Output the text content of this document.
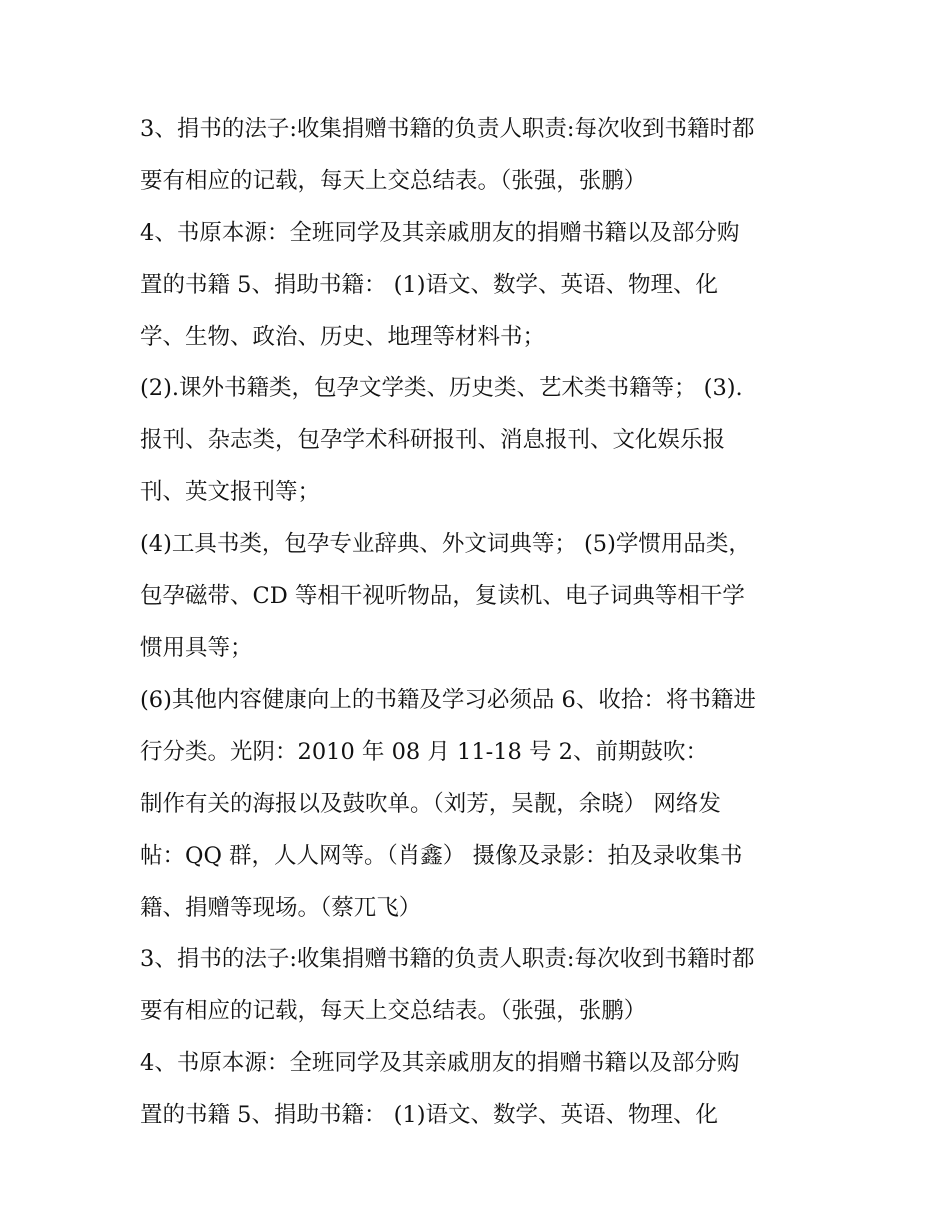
3、捐书的法子:收集捐赠书籍的负责人职责:每次收到书籍时都
要有相应的记载，每天上交总结表。（张强，张鹏）
4、书原本源：全班同学及其亲戚朋友的捐赠书籍以及部分购
置的书籍 5、捐助书籍： (1)语文、数学、英语、物理、化
学、生物、政治、历史、地理等材料书；
(2).课外书籍类，包孕文学类、历史类、艺术类书籍等； (3).
报刊、杂志类，包孕学术科研报刊、消息报刊、文化娱乐报
刊、英文报刊等；
(4)工具书类，包孕专业辞典、外文词典等； (5)学惯用品类，
包孕磁带、CD 等相干视听物品，复读机、电子词典等相干学
惯用具等；
(6)其他内容健康向上的书籍及学习必须品 6、收拾：将书籍进
行分类。光阴：2010 年 08 月 11-18 号 2、前期鼓吹：
制作有关的海报以及鼓吹单。（刘芳，吴靓，余晓） 网络发
帖：QQ 群，人人网等。（肖鑫） 摄像及录影：拍及录收集书
籍、捐赠等现场。（蔡兀飞）
3、捐书的法子:收集捐赠书籍的负责人职责:每次收到书籍时都
要有相应的记载，每天上交总结表。（张强，张鹏）
4、书原本源：全班同学及其亲戚朋友的捐赠书籍以及部分购
置的书籍 5、捐助书籍： (1)语文、数学、英语、物理、化
